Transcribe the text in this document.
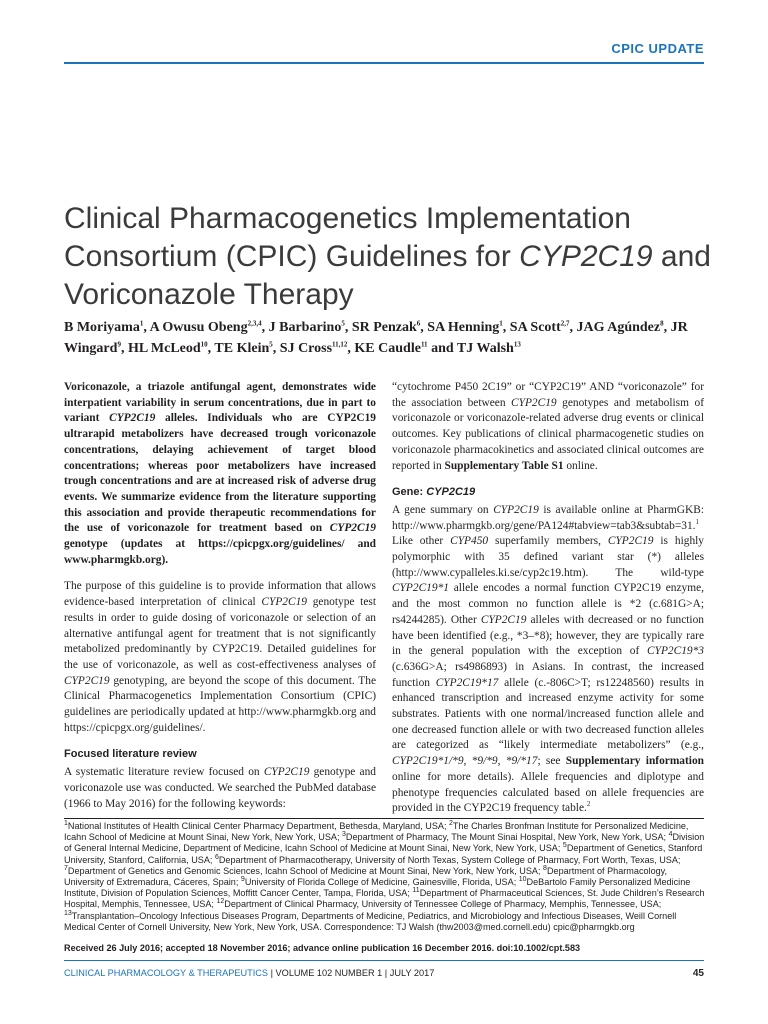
CPIC UPDATE
Clinical Pharmacogenetics Implementation Consortium (CPIC) Guidelines for CYP2C19 and Voriconazole Therapy
B Moriyama$^1$, A Owusu Obeng$^{2,3,4}$, J Barbarino$^5$, SR Penzak$^6$, SA Henning$^1$, SA Scott$^{2,7}$, JAG Agúndez$^8$, JR Wingard$^9$, HL McLeod$^{10}$, TE Klein$^5$, SJ Cross$^{11,12}$, KE Caudle$^{11}$ and TJ Walsh$^{13}$

Voriconazole, a triazole antifungal agent, demonstrates wide interpatient variability in serum concentrations, due in part to variant CYP2C19 alleles. Individuals who are CYP2C19 ultrarapid metabolizers have decreased trough voriconazole concentrations, delaying achievement of target blood concentrations; whereas poor metabolizers have increased trough concentrations and are at increased risk of adverse drug events. We summarize evidence from the literature supporting this association and provide therapeutic recommendations for the use of voriconazole for treatment based on CYP2C19 genotype (updates at https://cpicpgx.org/guidelines/ and www.pharmgkb.org).

The purpose of this guideline is to provide information that allows evidence-based interpretation of clinical CYP2C19 genotype test results in order to guide dosing of voriconazole or selection of an alternative antifungal agent for treatment that is not significantly metabolized predominantly by CYP2C19. Detailed guidelines for the use of voriconazole, as well as cost-effectiveness analyses of CYP2C19 genotyping, are beyond the scope of this document. The Clinical Pharmacogenetics Implementation Consortium (CPIC) guidelines are periodically updated at http://www.pharmgkb.org and https://cpicpgx.org/guidelines/.

Focused literature review

A systematic literature review focused on CYP2C19 genotype and voriconazole use was conducted. We searched the PubMed database (1966 to May 2016) for the following keywords:

“cytochrome P450 2C19” or “CYP2C19” AND “voriconazole” for the association between CYP2C19 genotypes and metabolism of voriconazole or voriconazole-related adverse drug events or clinical outcomes. Key publications of clinical pharmacogenetic studies on voriconazole pharmacokinetics and associated clinical outcomes are reported in Supplementary Table S1 online.

Gene: CYP2C19

A gene summary on CYP2C19 is available online at PharmGKB: http://www.pharmgkb.org/gene/PA124#tabview=tab3&subtab=31.$^1$ Like other CYP450 superfamily members, CYP2C19 is highly polymorphic with 35 defined variant star (*) alleles (http://www.cypalleles.ki.se/cyp2c19.htm). The wild-type CYP2C19*1 allele encodes a normal function CYP2C19 enzyme, and the most common no function allele is *2 (c.681G>A; rs4244285). Other CYP2C19 alleles with decreased or no function have been identified (e.g., *3–*8); however, they are typically rare in the general population with the exception of CYP2C19*3 (c.636G>A; rs4986893) in Asians. In contrast, the increased function CYP2C19*17 allele (c.-806C>T; rs12248560) results in enhanced transcription and increased enzyme activity for some substrates. Patients with one normal/increased function allele and one decreased function allele or with two decreased function alleles are categorized as “likely intermediate metabolizers” (e.g., CYP2C19*1/*9, *9/*9, *9/*17; see Supplementary information online for more details). Allele frequencies and diplotype and phenotype frequencies calculated based on allele frequencies are provided in the CYP2C19 frequency table.$^2$

$^1$National Institutes of Health Clinical Center Pharmacy Department, Bethesda, Maryland, USA; $^2$The Charles Bronfman Institute for Personalized Medicine, Icahn School of Medicine at Mount Sinai, New York, New York, USA; $^3$Department of Pharmacy, The Mount Sinai Hospital, New York, New York, USA; $^4$Division of General Internal Medicine, Department of Medicine, Icahn School of Medicine at Mount Sinai, New York, New York, USA; $^5$Department of Genetics, Stanford University, Stanford, California, USA; $^6$Department of Pharmacotherapy, University of North Texas, System College of Pharmacy, Fort Worth, Texas, USA; $^7$Department of Genetics and Genomic Sciences, Icahn School of Medicine at Mount Sinai, New York, New York, USA; $^8$Department of Pharmacology, University of Extremadura, Cáceres, Spain; $^9$University of Florida College of Medicine, Gainesville, Florida, USA; $^{10}$DeBartolo Family Personalized Medicine Institute, Division of Population Sciences, Moffitt Cancer Center, Tampa, Florida, USA; $^{11}$Department of Pharmaceutical Sciences, St. Jude Children’s Research Hospital, Memphis, Tennessee, USA; $^{12}$Department of Clinical Pharmacy, University of Tennessee College of Pharmacy, Memphis, Tennessee, USA; $^{13}$Transplantation–Oncology Infectious Diseases Program, Departments of Medicine, Pediatrics, and Microbiology and Infectious Diseases, Weill Cornell Medical Center of Cornell University, New York, New York, USA. Correspondence: TJ Walsh (thw2003@med.cornell.edu) cpic@pharmgkb.org
Received 26 July 2016; accepted 18 November 2016; advance online publication 16 December 2016. doi:10.1002/cpt.583
CLINICAL PHARMACOLOGY & THERAPEUTICS | VOLUME 102 NUMBER 1 | JULY 2017	45
